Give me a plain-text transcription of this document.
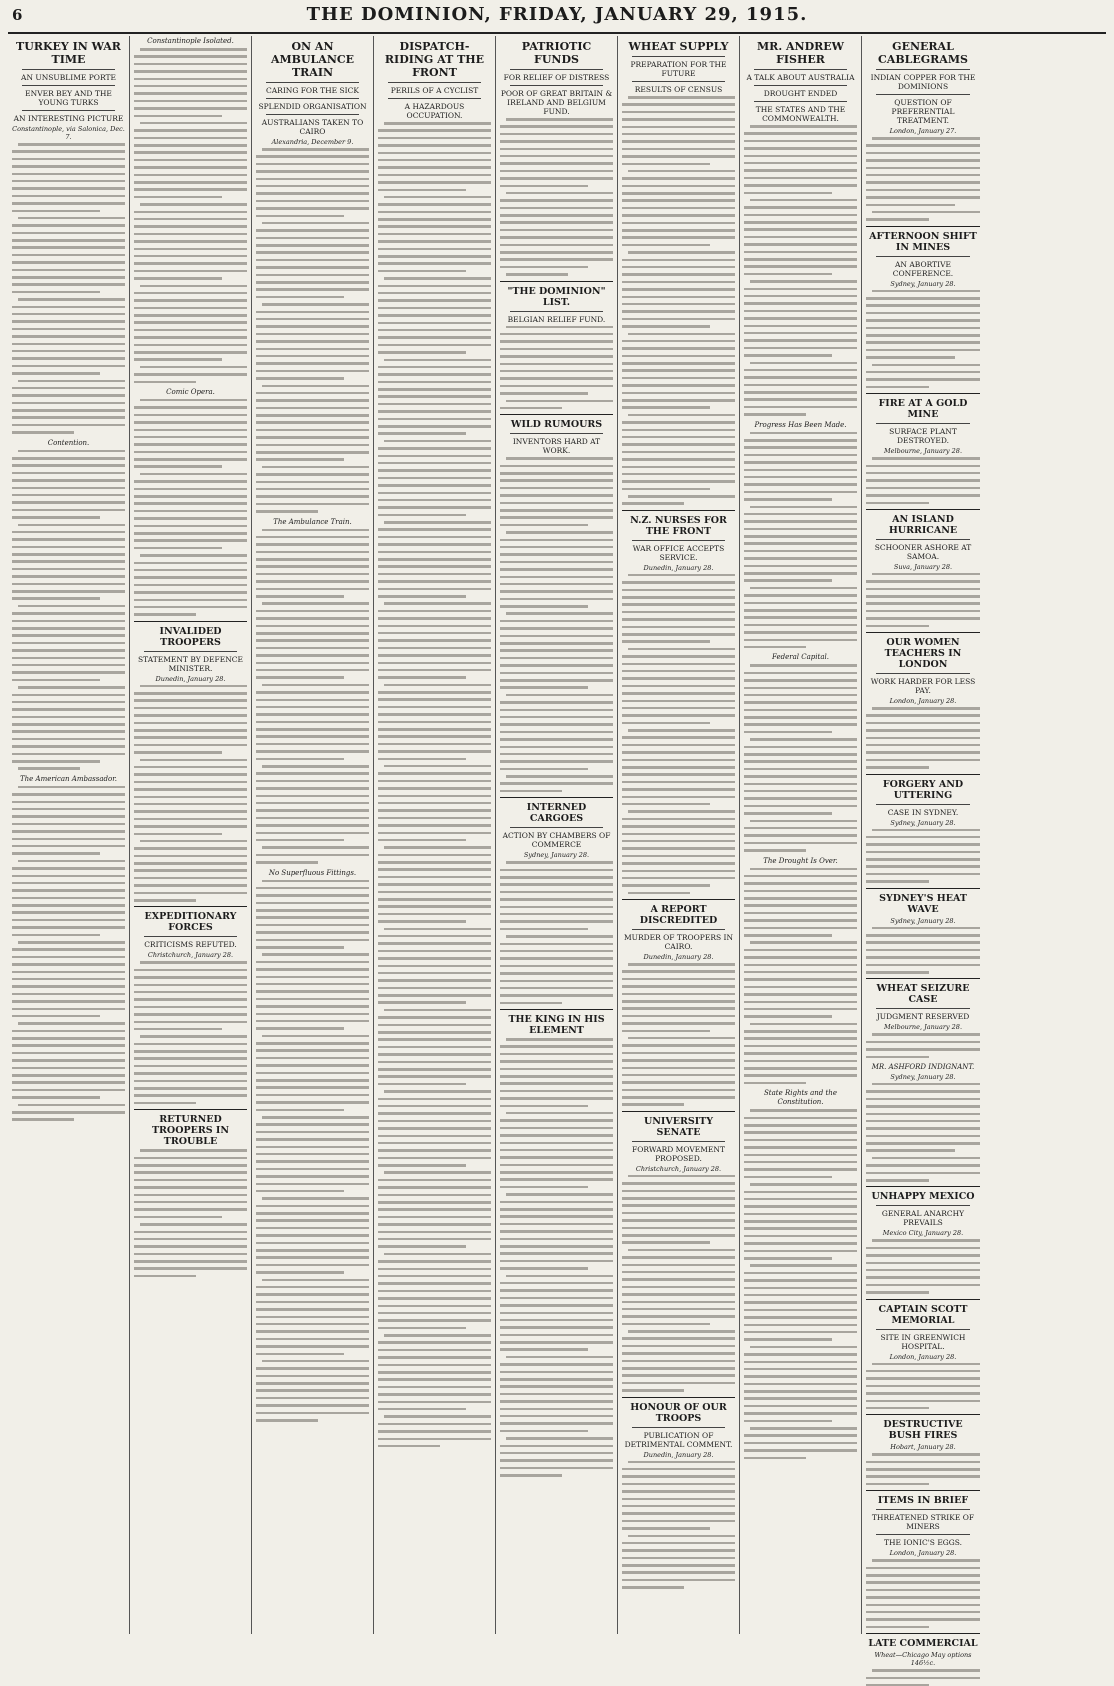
6	THE DOMINION, FRIDAY, JANUARY 29, 1915.
TURKEY IN WAR TIME
AN UNSUBLIME PORTE
ENVER BEY AND THE YOUNG TURKS
AN INTERESTING PICTURE
Constantinople, via Salonica, Dec. 7.
Contention.
The American Ambassador.
Constantinople Isolated.
Comic Opera.
INVALIDED TROOPERS
STATEMENT BY DEFENCE MINISTER.
Dunedin, January 28.
EXPEDITIONARY FORCES
CRITICISMS REFUTED.
Christchurch, January 28.
RETURNED TROOPERS IN TROUBLE
ON AN AMBULANCE TRAIN
CARING FOR THE SICK
SPLENDID ORGANISATION
AUSTRALIANS TAKEN TO CAIRO
Alexandria, December 9.
The Ambulance Train.
No Superfluous Fittings.
DISPATCH-RIDING AT THE FRONT
PERILS OF A CYCLIST
A HAZARDOUS OCCUPATION.
PATRIOTIC FUNDS
FOR RELIEF OF DISTRESS
POOR OF GREAT BRITAIN & IRELAND AND BELGIUM FUND.
"THE DOMINION" LIST.
BELGIAN RELIEF FUND.
WILD RUMOURS
INVENTORS HARD AT WORK.
INTERNED CARGOES
ACTION BY CHAMBERS OF COMMERCE
Sydney, January 28.
THE KING IN HIS ELEMENT
WHEAT SUPPLY
PREPARATION FOR THE FUTURE
RESULTS OF CENSUS
N.Z. NURSES FOR THE FRONT
WAR OFFICE ACCEPTS SERVICE.
Dunedin, January 28.
A REPORT DISCREDITED
MURDER OF TROOPERS IN CAIRO.
Dunedin, January 28.
UNIVERSITY SENATE
FORWARD MOVEMENT PROPOSED.
Christchurch, January 28.
HONOUR OF OUR TROOPS
PUBLICATION OF DETRIMENTAL COMMENT.
Dunedin, January 28.
MR. ANDREW FISHER
A TALK ABOUT AUSTRALIA
DROUGHT ENDED
THE STATES AND THE COMMONWEALTH.
Progress Has Been Made.
Federal Capital.
The Drought Is Over.
State Rights and the Constitution.
GENERAL CABLEGRAMS
INDIAN COPPER FOR THE DOMINIONS
QUESTION OF PREFERENTIAL TREATMENT.
London, January 27.
AFTERNOON SHIFT IN MINES
AN ABORTIVE CONFERENCE.
Sydney, January 28.
FIRE AT A GOLD MINE
SURFACE PLANT DESTROYED.
Melbourne, January 28.
AN ISLAND HURRICANE
SCHOONER ASHORE AT SAMOA.
Suva, January 28.
OUR WOMEN TEACHERS IN LONDON
WORK HARDER FOR LESS PAY.
London, January 28.
FORGERY AND UTTERING
CASE IN SYDNEY.
Sydney, January 28.
SYDNEY'S HEAT WAVE
Sydney, January 28.
WHEAT SEIZURE CASE
JUDGMENT RESERVED
Melbourne, January 28.
MR. ASHFORD INDIGNANT.
Sydney, January 28.
UNHAPPY MEXICO
GENERAL ANARCHY PREVAILS
Mexico City, January 28.
CAPTAIN SCOTT MEMORIAL
SITE IN GREENWICH HOSPITAL.
London, January 28.
DESTRUCTIVE BUSH FIRES
Hobart, January 28.
ITEMS IN BRIEF
THREATENED STRIKE OF MINERS
THE IONIC'S EGGS.
London, January 28.
LATE COMMERCIAL
Wheat—Chicago May options 146½c.
